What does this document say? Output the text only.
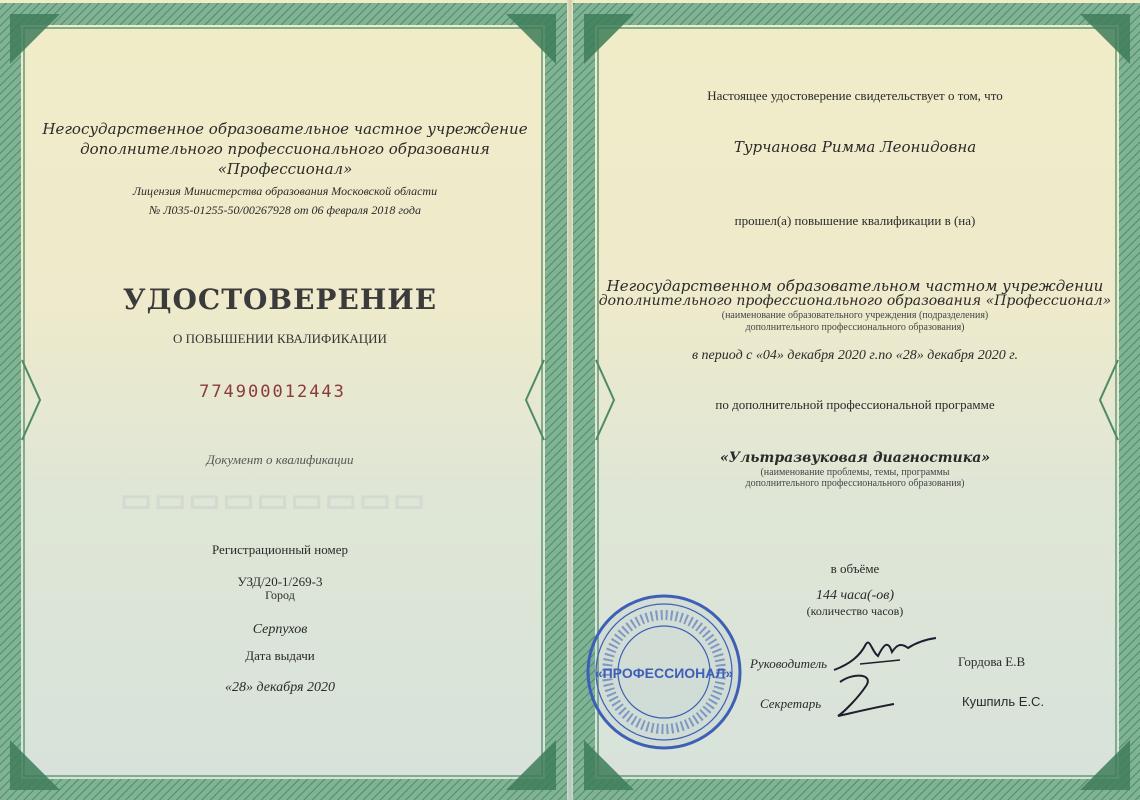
▭▭▭▭▭▭▭▭▭
Негосударственное образовательное частное учреждение
дополнительного профессионального образования
«Профессионал»
Лицензия Министерства образования Московской области
№ Л035-01255-50/00267928 от 06 февраля 2018 года
УДОСТОВЕРЕНИЕ
О ПОВЫШЕНИИ КВАЛИФИКАЦИИ
774900012443
Документ о квалификации
Регистрационный номер
УЗД/20-1/269-3
Город
Серпухов
Дата выдачи
«28» декабря 2020
Настоящее удостоверение свидетельствует о том, что
Турчанова Римма Леонидовна
прошел(а) повышение квалификации в (на)
Негосударственном образовательном частном учреждении
дополнительного профессионального образования «Профессионал»
(наименование образовательного учреждения (подразделения)
дополнительного профессионального образования)
в период с «04» декабря 2020 г.по «28» декабря 2020 г.
по дополнительной профессиональной программе
«Ультразвуковая диагностика»
(наименование проблемы, темы, программы
дополнительного профессионального образования)
в объёме
144 часа(-ов)
(количество часов)
Руководитель	Гордова Е.В
Секретарь	Кушпиль Е.С.
«ПРОФЕССИОНАЛ»
